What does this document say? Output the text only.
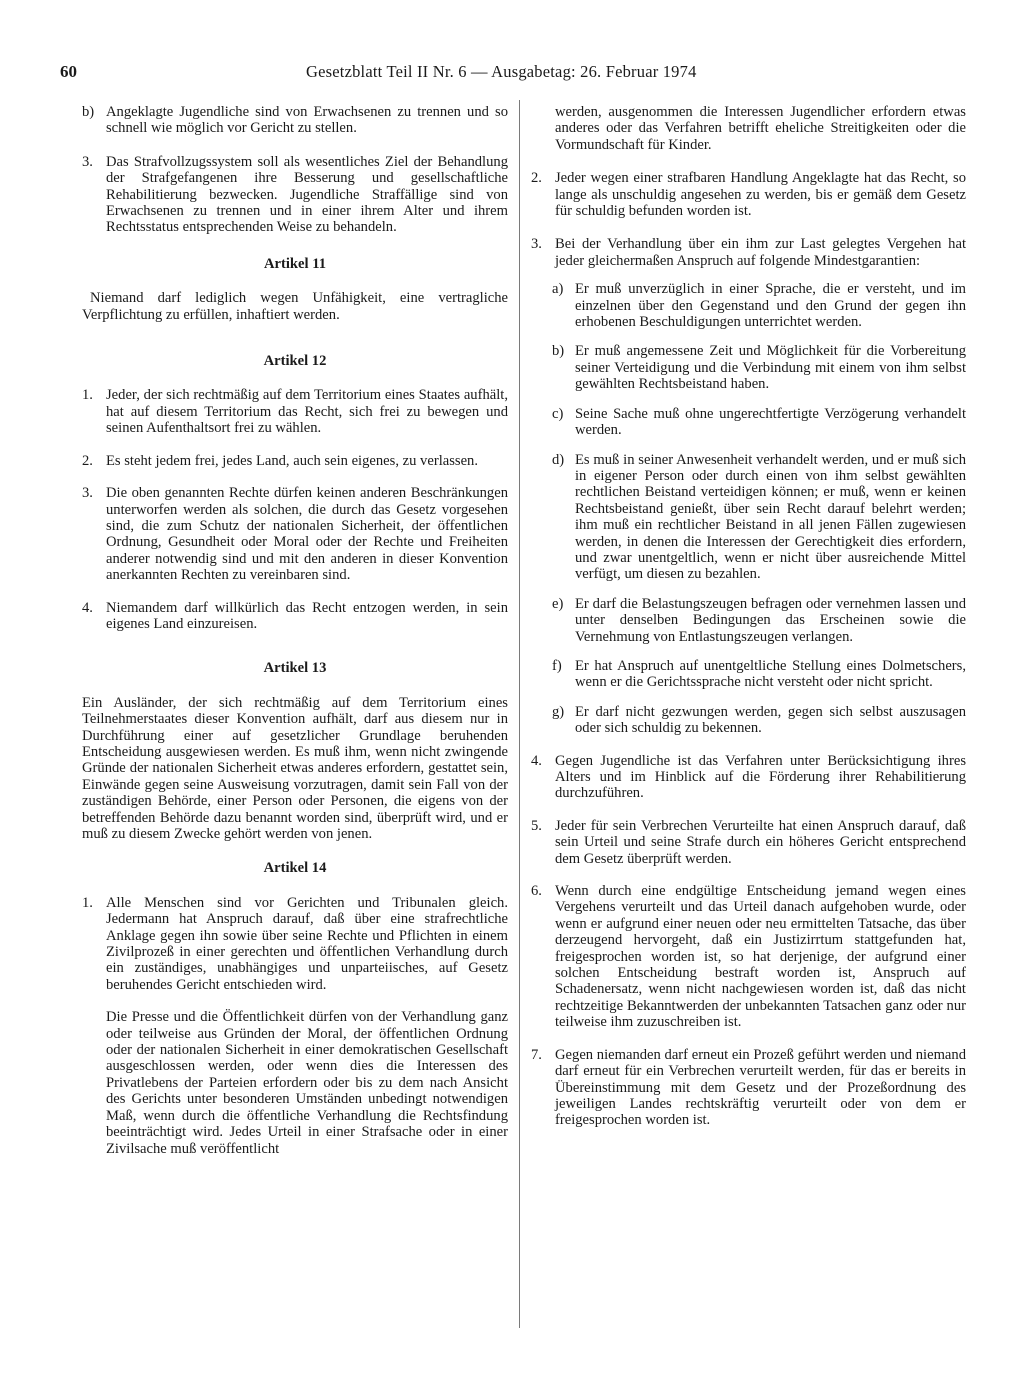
60	Gesetzblatt Teil II Nr. 6 — Ausgabetag: 26. Februar 1974
b) Angeklagte Jugendliche sind von Erwachsenen zu trennen und so schnell wie möglich vor Gericht zu stellen.
3. Das Strafvollzugssystem soll als wesentliches Ziel der Behandlung der Strafgefangenen ihre Besserung und gesellschaftliche Rehabilitierung bezwecken. Jugendliche Straffällige sind von Erwachsenen zu trennen und in einer ihrem Alter und ihrem Rechtsstatus entsprechenden Weise zu behandeln.

Artikel 11

Niemand darf lediglich wegen Unfähigkeit, eine vertragliche Verpflichtung zu erfüllen, inhaftiert werden.

Artikel 12

1. Jeder, der sich rechtmäßig auf dem Territorium eines Staates aufhält, hat auf diesem Territorium das Recht, sich frei zu bewegen und seinen Aufenthaltsort frei zu wählen.
2. Es steht jedem frei, jedes Land, auch sein eigenes, zu verlassen.
3. Die oben genannten Rechte dürfen keinen anderen Beschränkungen unterworfen werden als solchen, die durch das Gesetz vorgesehen sind, die zum Schutz der nationalen Sicherheit, der öffentlichen Ordnung, Gesundheit oder Moral oder der Rechte und Freiheiten anderer notwendig sind und mit den anderen in dieser Konvention anerkannten Rechten zu vereinbaren sind.
4. Niemandem darf willkürlich das Recht entzogen werden, in sein eigenes Land einzureisen.

Artikel 13

Ein Ausländer, der sich rechtmäßig auf dem Territorium eines Teilnehmerstaates dieser Konvention aufhält, darf aus diesem nur in Durchführung einer auf gesetzlicher Grundlage beruhenden Entscheidung ausgewiesen werden. Es muß ihm, wenn nicht zwingende Gründe der nationalen Sicherheit etwas anderes erfordern, gestattet sein, Einwände gegen seine Ausweisung vorzutragen, damit sein Fall von der zuständigen Behörde, einer Person oder Personen, die eigens von der betreffenden Behörde dazu benannt worden sind, überprüft wird, und er muß zu diesem Zwecke gehört werden von jenen.

Artikel 14

1. Alle Menschen sind vor Gerichten und Tribunalen gleich. Jedermann hat Anspruch darauf, daß über eine strafrechtliche Anklage gegen ihn sowie über seine Rechte und Pflichten in einem Zivilprozeß in einer gerechten und öffentlichen Verhandlung durch ein zuständiges, unabhängiges und unparteiisches, auf Gesetz beruhendes Gericht entschieden wird.

Die Presse und die Öffentlichkeit dürfen von der Verhandlung ganz oder teilweise aus Gründen der Moral, der öffentlichen Ordnung oder der nationalen Sicherheit in einer demokratischen Gesellschaft ausgeschlossen werden, oder wenn dies die Interessen des Privatlebens der Parteien erfordern oder bis zu dem nach Ansicht des Gerichts unter besonderen Umständen unbedingt notwendigen Maß, wenn durch die öffentliche Verhandlung die Rechtsfindung beeinträchtigt wird. Jedes Urteil in einer Strafsache oder in einer Zivilsache muß veröffentlicht

werden, ausgenommen die Interessen Jugendlicher erfordern etwas anderes oder das Verfahren betrifft eheliche Streitigkeiten oder die Vormundschaft für Kinder.

2. Jeder wegen einer strafbaren Handlung Angeklagte hat das Recht, so lange als unschuldig angesehen zu werden, bis er gemäß dem Gesetz für schuldig befunden worden ist.
3. Bei der Verhandlung über ein ihm zur Last gelegtes Vergehen hat jeder gleichermaßen Anspruch auf folgende Mindestgarantien:
a) Er muß unverzüglich in einer Sprache, die er versteht, und im einzelnen über den Gegenstand und den Grund der gegen ihn erhobenen Beschuldigungen unterrichtet werden.
b) Er muß angemessene Zeit und Möglichkeit für die Vorbereitung seiner Verteidigung und die Verbindung mit einem von ihm selbst gewählten Rechtsbeistand haben.
c) Seine Sache muß ohne ungerechtfertigte Verzögerung verhandelt werden.
d) Es muß in seiner Anwesenheit verhandelt werden, und er muß sich in eigener Person oder durch einen von ihm selbst gewählten rechtlichen Beistand verteidigen können; er muß, wenn er keinen Rechtsbeistand genießt, über sein Recht darauf belehrt werden; ihm muß ein rechtlicher Beistand in all jenen Fällen zugewiesen werden, in denen die Interessen der Gerechtigkeit dies erfordern, und zwar unentgeltlich, wenn er nicht über ausreichende Mittel verfügt, um diesen zu bezahlen.
e) Er darf die Belastungszeugen befragen oder vernehmen lassen und unter denselben Bedingungen das Erscheinen sowie die Vernehmung von Entlastungszeugen verlangen.
f) Er hat Anspruch auf unentgeltliche Stellung eines Dolmetschers, wenn er die Gerichtssprache nicht versteht oder nicht spricht.
g) Er darf nicht gezwungen werden, gegen sich selbst auszusagen oder sich schuldig zu bekennen.
4. Gegen Jugendliche ist das Verfahren unter Berücksichtigung ihres Alters und im Hinblick auf die Förderung ihrer Rehabilitierung durchzuführen.
5. Jeder für sein Verbrechen Verurteilte hat einen Anspruch darauf, daß sein Urteil und seine Strafe durch ein höheres Gericht entsprechend dem Gesetz überprüft werden.
6. Wenn durch eine endgültige Entscheidung jemand wegen eines Vergehens verurteilt und das Urteil danach aufgehoben wurde, oder wenn er aufgrund einer neuen oder neu ermittelten Tatsache, das über derzeugend hervorgeht, daß ein Justizirrtum stattgefunden hat, freigesprochen worden ist, so hat derjenige, der aufgrund einer solchen Entscheidung bestraft worden ist, Anspruch auf Schadenersatz, wenn nicht nachgewiesen worden ist, daß das nicht rechtzeitige Bekanntwerden der unbekannten Tatsachen ganz oder nur teilweise ihm zuzuschreiben ist.
7. Gegen niemanden darf erneut ein Prozeß geführt werden und niemand darf erneut für ein Verbrechen verurteilt werden, für das er bereits in Übereinstimmung mit dem Gesetz und der Prozeßordnung des jeweiligen Landes rechtskräftig verurteilt oder von dem er freigesprochen worden ist.
